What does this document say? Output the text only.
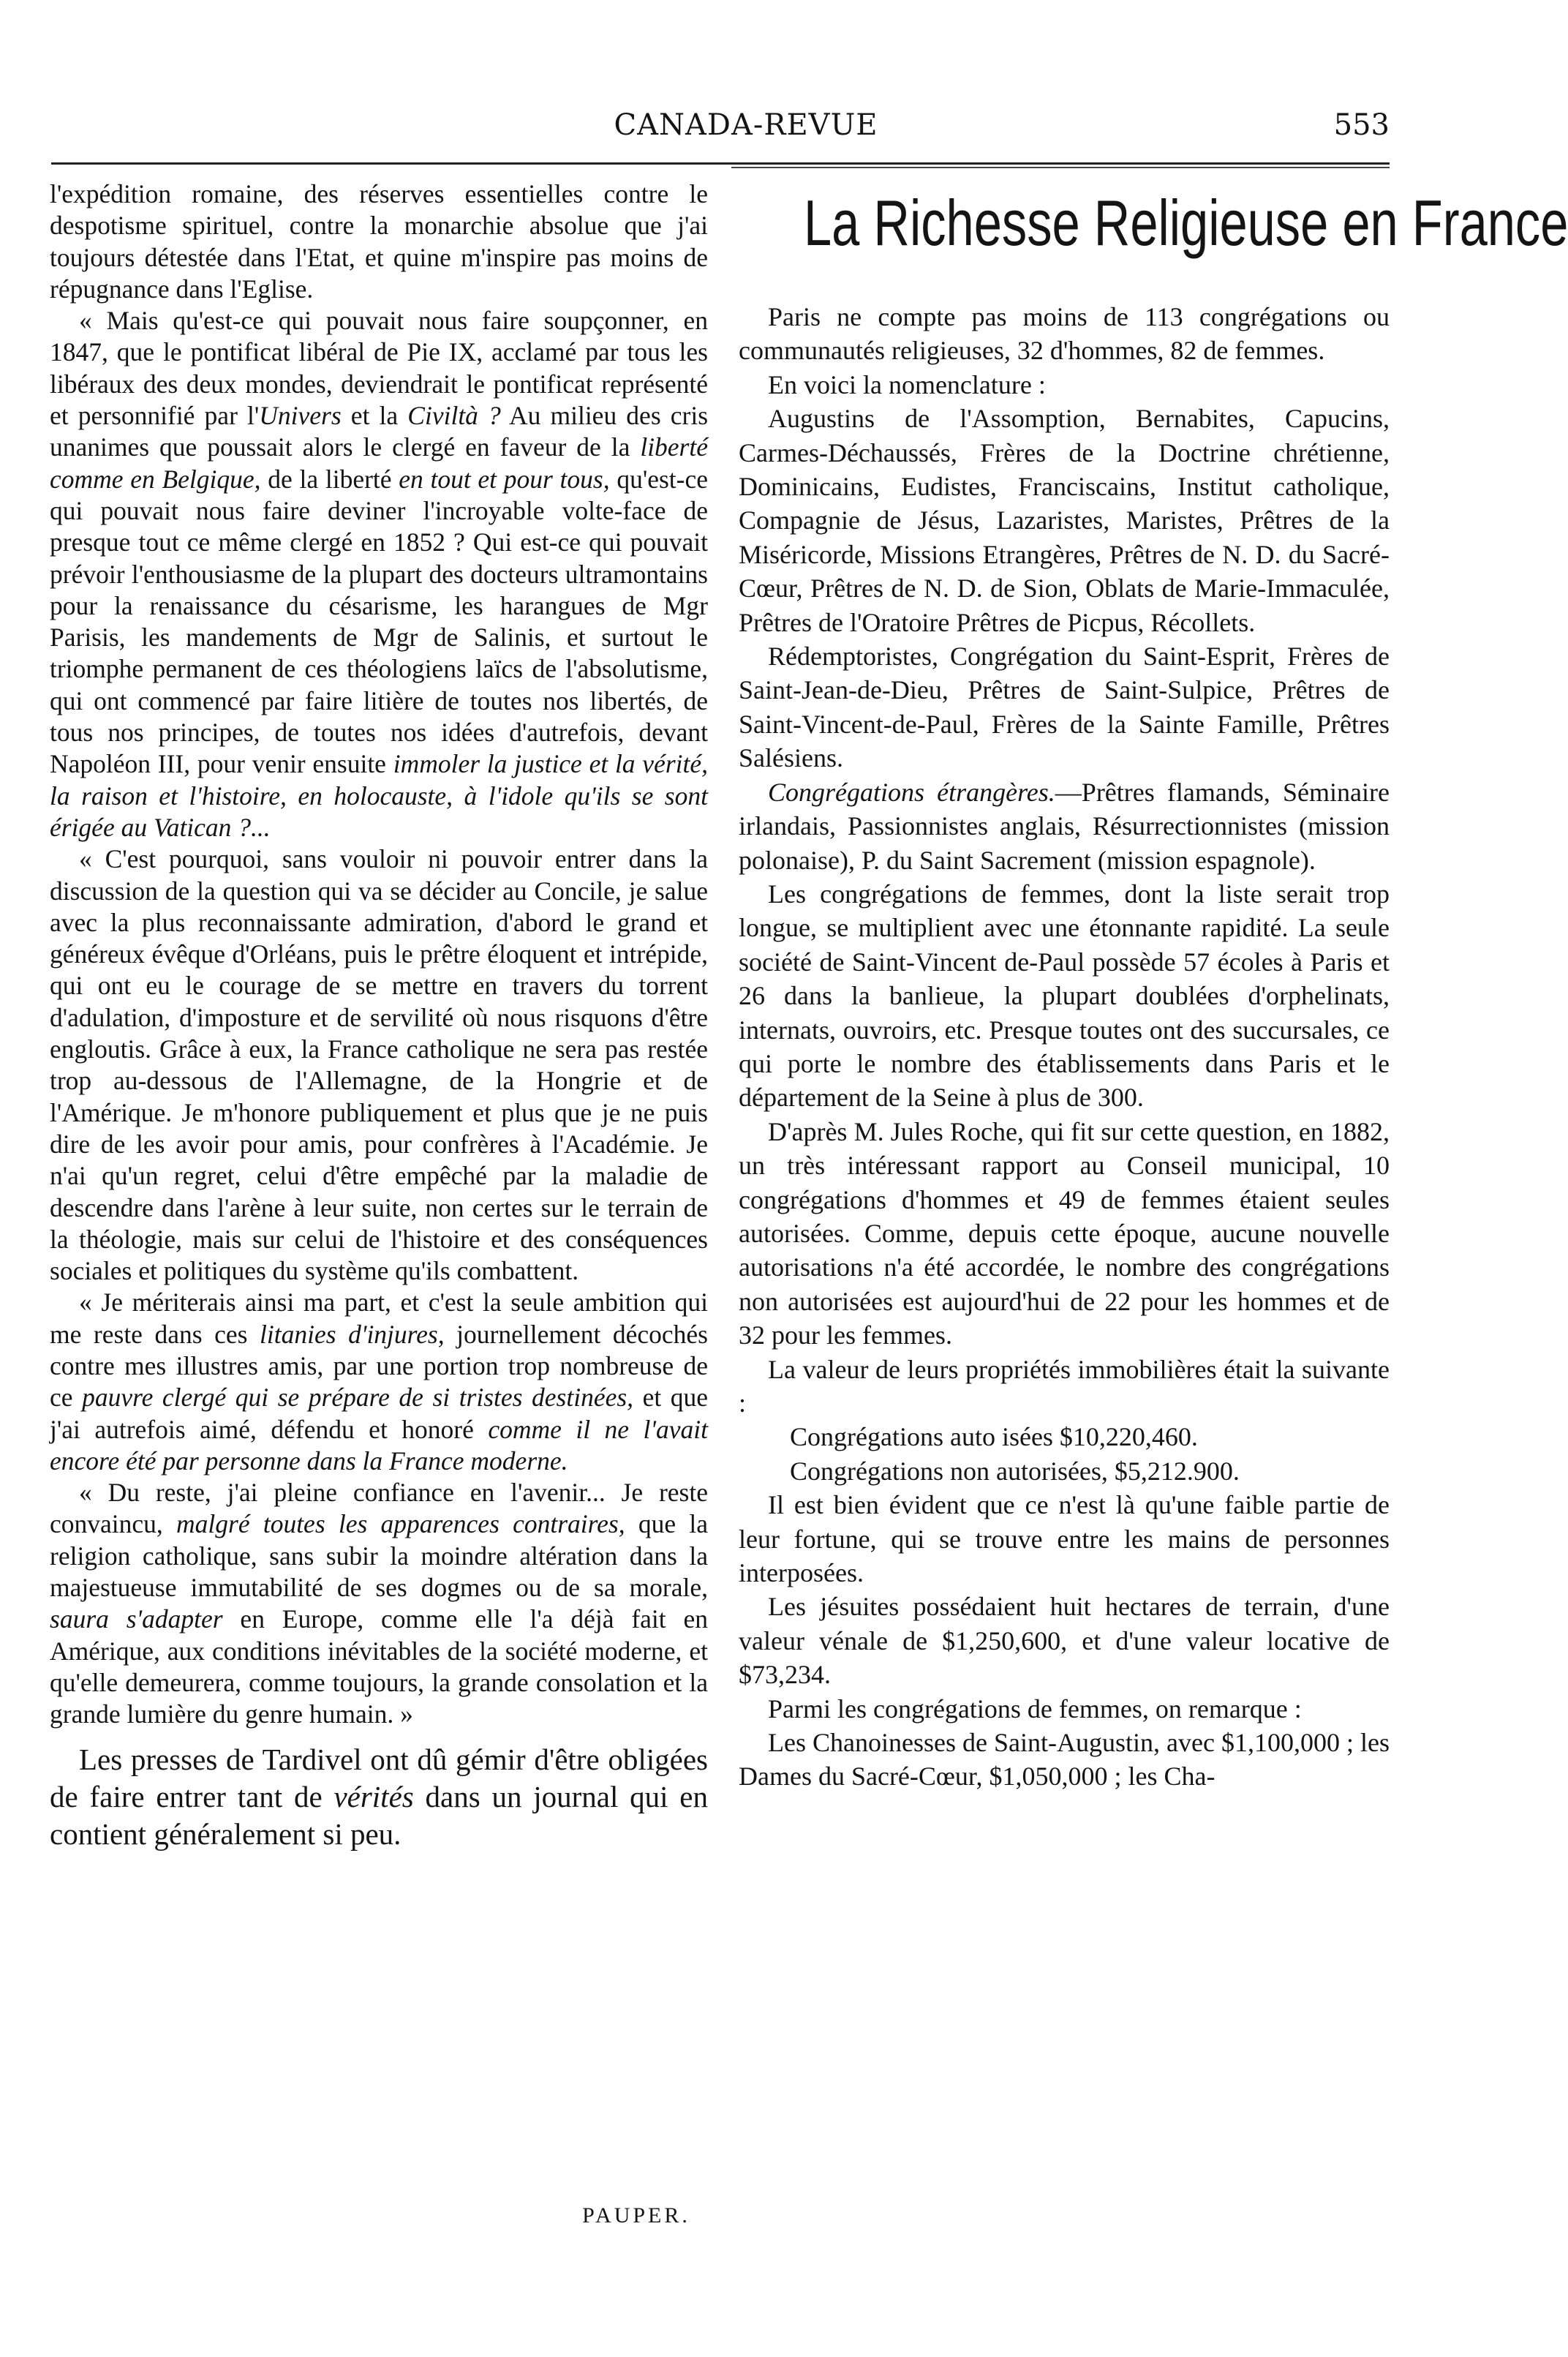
CANADA-REVUE	553

l'expédition romaine, des réserves essentielles contre le despotisme spirituel, contre la monarchie absolue que j'ai toujours détestée dans l'Etat, et quine m'inspire pas moins de répugnance dans l'Eglise.

« Mais qu'est-ce qui pouvait nous faire soupçonner, en 1847, que le pontificat libéral de Pie IX, acclamé par tous les libéraux des deux mondes, deviendrait le pontificat représenté et personnifié par l'Univers et la Civiltà ? Au milieu des cris unanimes que poussait alors le clergé en faveur de la liberté comme en Belgique, de la liberté en tout et pour tous, qu'est-ce qui pouvait nous faire deviner l'incroyable volte-face de presque tout ce même clergé en 1852 ? Qui est-ce qui pouvait prévoir l'enthousiasme de la plupart des docteurs ultramontains pour la renaissance du césarisme, les harangues de Mgr Parisis, les mandements de Mgr de Salinis, et surtout le triomphe permanent de ces théologiens laïcs de l'absolutisme, qui ont commencé par faire litière de toutes nos libertés, de tous nos principes, de toutes nos idées d'autrefois, devant Napoléon III, pour venir ensuite immoler la justice et la vérité, la raison et l'histoire, en holocauste, à l'idole qu'ils se sont érigée au Vatican ?...

« C'est pourquoi, sans vouloir ni pouvoir entrer dans la discussion de la question qui va se décider au Concile, je salue avec la plus reconnaissante admiration, d'abord le grand et généreux évêque d'Orléans, puis le prêtre éloquent et intrépide, qui ont eu le courage de se mettre en travers du torrent d'adulation, d'imposture et de servilité où nous risquons d'être engloutis. Grâce à eux, la France catholique ne sera pas restée trop au-dessous de l'Allemagne, de la Hongrie et de l'Amérique. Je m'honore publiquement et plus que je ne puis dire de les avoir pour amis, pour confrères à l'Académie. Je n'ai qu'un regret, celui d'être empêché par la maladie de descendre dans l'arène à leur suite, non certes sur le terrain de la théologie, mais sur celui de l'histoire et des conséquences sociales et politiques du système qu'ils combattent.

« Je mériterais ainsi ma part, et c'est la seule ambition qui me reste dans ces litanies d'injures, journellement décochés contre mes illustres amis, par une portion trop nombreuse de ce pauvre clergé qui se prépare de si tristes destinées, et que j'ai autrefois aimé, défendu et honoré comme il ne l'avait encore été par personne dans la France moderne.

« Du reste, j'ai pleine confiance en l'avenir... Je reste convaincu, malgré toutes les apparences contraires, que la religion catholique, sans subir la moindre altération dans la majestueuse immutabilité de ses dogmes ou de sa morale, saura s'adapter en Europe, comme elle l'a déjà fait en Amérique, aux conditions inévitables de la société moderne, et qu'elle demeurera, comme toujours, la grande consolation et la grande lumière du genre humain. »

Les presses de Tardivel ont dû gémir d'être obligées de faire entrer tant de vérités dans un journal qui en contient généralement si peu.

PAUPER.
La Richesse Religieuse en France

Paris ne compte pas moins de 113 congrégations ou communautés religieuses, 32 d'hommes, 82 de femmes.

En voici la nomenclature :

Augustins de l'Assomption, Bernabites, Capucins, Carmes-Déchaussés, Frères de la Doctrine chrétienne, Dominicains, Eudistes, Franciscains, Institut catholique, Compagnie de Jésus, Lazaristes, Maristes, Prêtres de la Miséricorde, Missions Etrangères, Prêtres de N. D. du Sacré-Cœur, Prêtres de N. D. de Sion, Oblats de Marie-Immaculée, Prêtres de l'Oratoire Prêtres de Picpus, Récollets.

Rédemptoristes, Congrégation du Saint-Esprit, Frères de Saint-Jean-de-Dieu, Prêtres de Saint-Sulpice, Prêtres de Saint-Vincent-de-Paul, Frères de la Sainte Famille, Prêtres Salésiens.

Congrégations étrangères.—Prêtres flamands, Séminaire irlandais, Passionnistes anglais, Résurrectionnistes (mission polonaise), P. du Saint Sacrement (mission espagnole).

Les congrégations de femmes, dont la liste serait trop longue, se multiplient avec une étonnante rapidité. La seule société de Saint-Vincent de-Paul possède 57 écoles à Paris et 26 dans la banlieue, la plupart doublées d'orphelinats, internats, ouvroirs, etc. Presque toutes ont des succursales, ce qui porte le nombre des établissements dans Paris et le département de la Seine à plus de 300.

D'après M. Jules Roche, qui fit sur cette question, en 1882, un très intéressant rapport au Conseil municipal, 10 congrégations d'hommes et 49 de femmes étaient seules autorisées. Comme, depuis cette époque, aucune nouvelle autorisations n'a été accordée, le nombre des congrégations non autorisées est aujourd'hui de 22 pour les hommes et de 32 pour les femmes.

La valeur de leurs propriétés immobilières était la suivante :

Congrégations auto isées $10,220,460.

Congrégations non autorisées, $5,212.900.

Il est bien évident que ce n'est là qu'une faible partie de leur fortune, qui se trouve entre les mains de personnes interposées.

Les jésuites possédaient huit hectares de terrain, d'une valeur vénale de $1,250,600, et d'une valeur locative de $73,234.

Parmi les congrégations de femmes, on remarque :

Les Chanoinesses de Saint-Augustin, avec $1,100,000 ; les Dames du Sacré-Cœur, $1,050,000 ; les Cha-
